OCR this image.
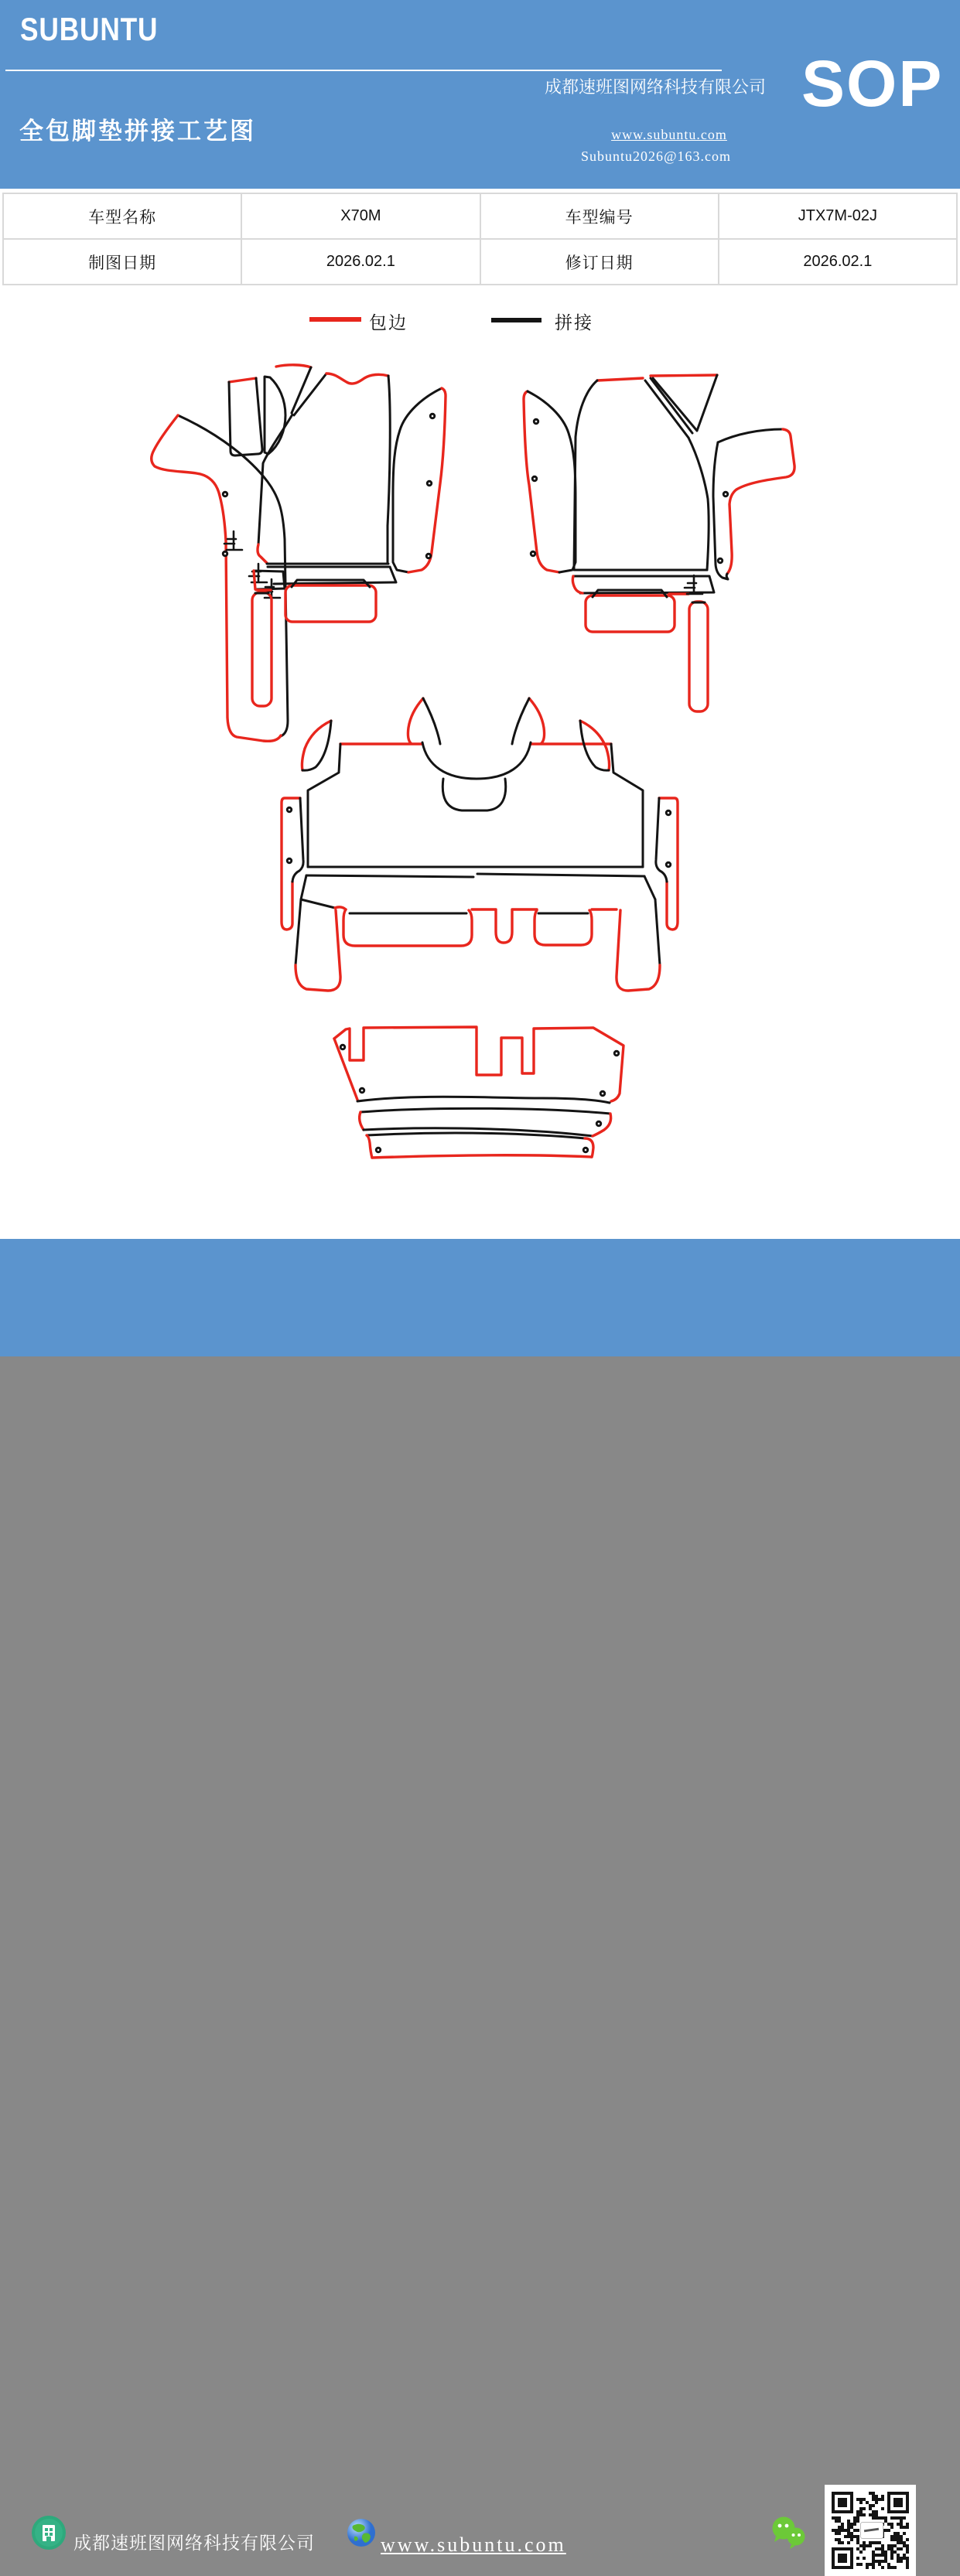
SUBUNTU
全包脚垫拼接工艺图
成都速班图网络科技有限公司
www.subuntu.com
Subuntu2026@163.com
SOP
车型名称	X70M	车型编号	JTX7M-02J
制图日期	2026.02.1	修订日期	2026.02.1
包边	拼接
成都速班图网络科技有限公司	www.subuntu.com
